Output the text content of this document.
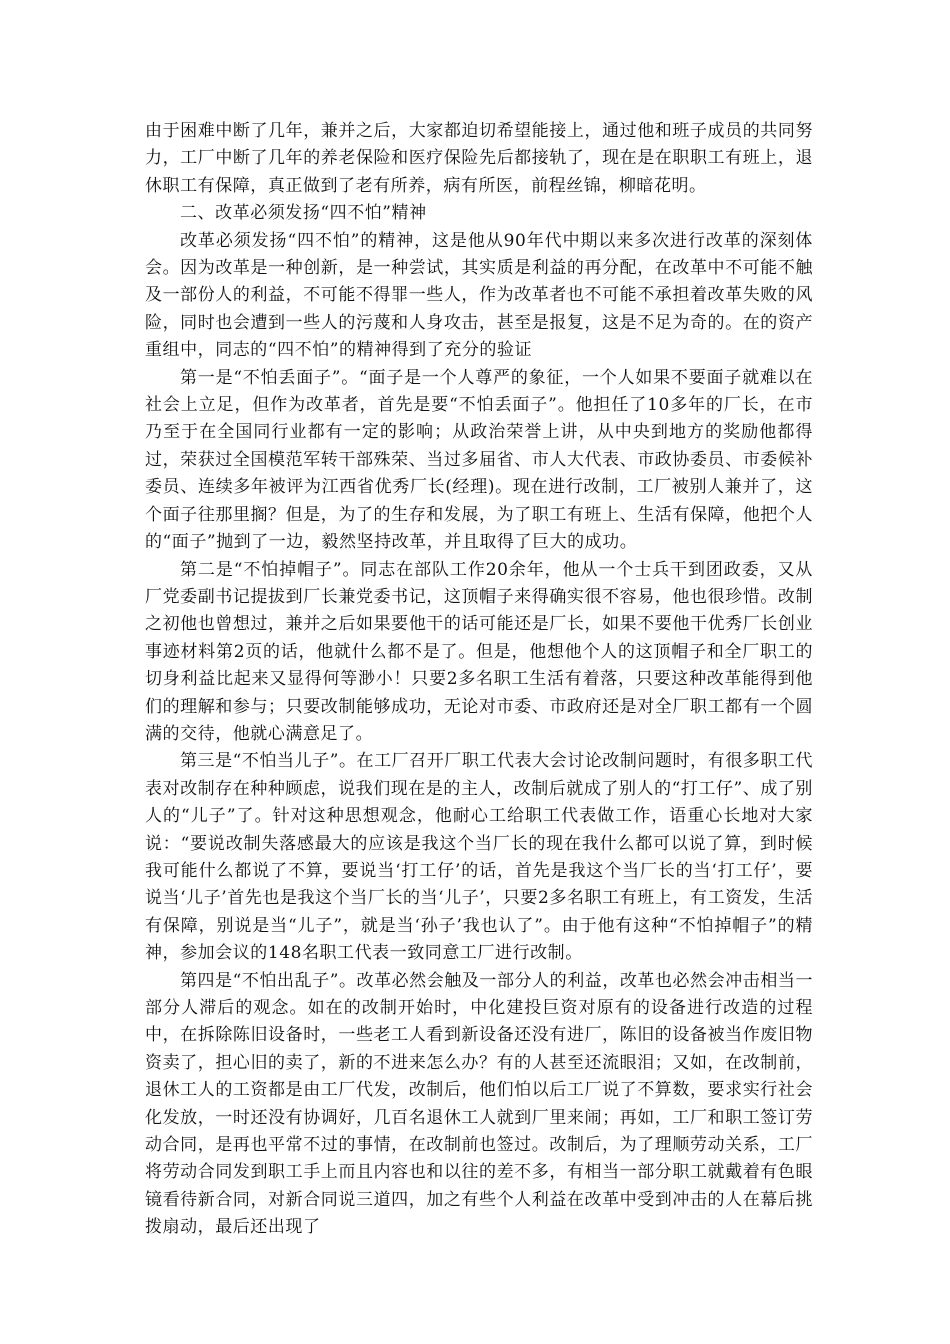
由于困难中断了几年，兼并之后，大家都迫切希望能接上，通过他和班子成员的共同努力，工厂中断了几年的养老保险和医疗保险先后都接轨了，现在是在职职工有班上，退休职工有保障，真正做到了老有所养，病有所医，前程丝锦，柳暗花明。

二、改革必须发扬“四不怕”精神

改革必须发扬“四不怕”的精神，这是他从90年代中期以来多次进行改革的深刻体会。因为改革是一种创新，是一种尝试，其实质是利益的再分配，在改革中不可能不触及一部份人的利益，不可能不得罪一些人，作为改革者也不可能不承担着改革失败的风险，同时也会遭到一些人的污蔑和人身攻击，甚至是报复，这是不足为奇的。在的资产重组中，同志的“四不怕”的精神得到了充分的验证

第一是“不怕丢面子”。“面子是一个人尊严的象征，一个人如果不要面子就难以在社会上立足，但作为改革者，首先是要“不怕丢面子”。他担任了10多年的厂长，在市乃至于在全国同行业都有一定的影响；从政治荣誉上讲，从中央到地方的奖励他都得过，荣获过全国模范军转干部殊荣、当过多届省、市人大代表、市政协委员、市委候补委员、连续多年被评为江西省优秀厂长(经理)。现在进行改制，工厂被别人兼并了，这个面子往那里搁？但是，为了的生存和发展，为了职工有班上、生活有保障，他把个人的“面子”抛到了一边，毅然坚持改革，并且取得了巨大的成功。

第二是“不怕掉帽子”。同志在部队工作20余年，他从一个士兵干到团政委，又从厂党委副书记提拔到厂长兼党委书记，这顶帽子来得确实很不容易，他也很珍惜。改制之初他也曾想过，兼并之后如果要他干的话可能还是厂长，如果不要他干优秀厂长创业事迹材料第2页的话，他就什么都不是了。但是，他想他个人的这顶帽子和全厂职工的切身利益比起来又显得何等渺小！只要2多名职工生活有着落，只要这种改革能得到他们的理解和参与；只要改制能够成功，无论对市委、市政府还是对全厂职工都有一个圆满的交待，他就心满意足了。

第三是“不怕当儿子”。在工厂召开厂职工代表大会讨论改制问题时，有很多职工代表对改制存在种种顾虑，说我们现在是的主人，改制后就成了别人的“打工仔”、成了别人的“儿子”了。针对这种思想观念，他耐心工给职工代表做工作，语重心长地对大家说：“要说改制失落感最大的应该是我这个当厂长的现在我什么都可以说了算，到时候我可能什么都说了不算，要说当‘打工仔’的话，首先是我这个当厂长的当‘打工仔’，要说当‘儿子’首先也是我这个当厂长的当‘儿子’，只要2多名职工有班上，有工资发，生活有保障，别说是当“儿子”，就是当‘孙子’我也认了”。由于他有这种“不怕掉帽子”的精神，参加会议的148名职工代表一致同意工厂进行改制。

第四是“不怕出乱子”。改革必然会触及一部分人的利益，改革也必然会冲击相当一部分人滞后的观念。如在的改制开始时，中化建投巨资对原有的设备进行改造的过程中，在拆除陈旧设备时，一些老工人看到新设备还没有进厂，陈旧的设备被当作废旧物资卖了，担心旧的卖了，新的不进来怎么办？有的人甚至还流眼泪；又如，在改制前，退休工人的工资都是由工厂代发，改制后，他们怕以后工厂说了不算数，要求实行社会化发放，一时还没有协调好，几百名退休工人就到厂里来闹；再如，工厂和职工签订劳动合同，是再也平常不过的事情，在改制前也签过。改制后，为了理顺劳动关系，工厂将劳动合同发到职工手上而且内容也和以往的差不多，有相当一部分职工就戴着有色眼镜看待新合同，对新合同说三道四，加之有些个人利益在改革中受到冲击的人在幕后挑拨扇动，最后还出现了
